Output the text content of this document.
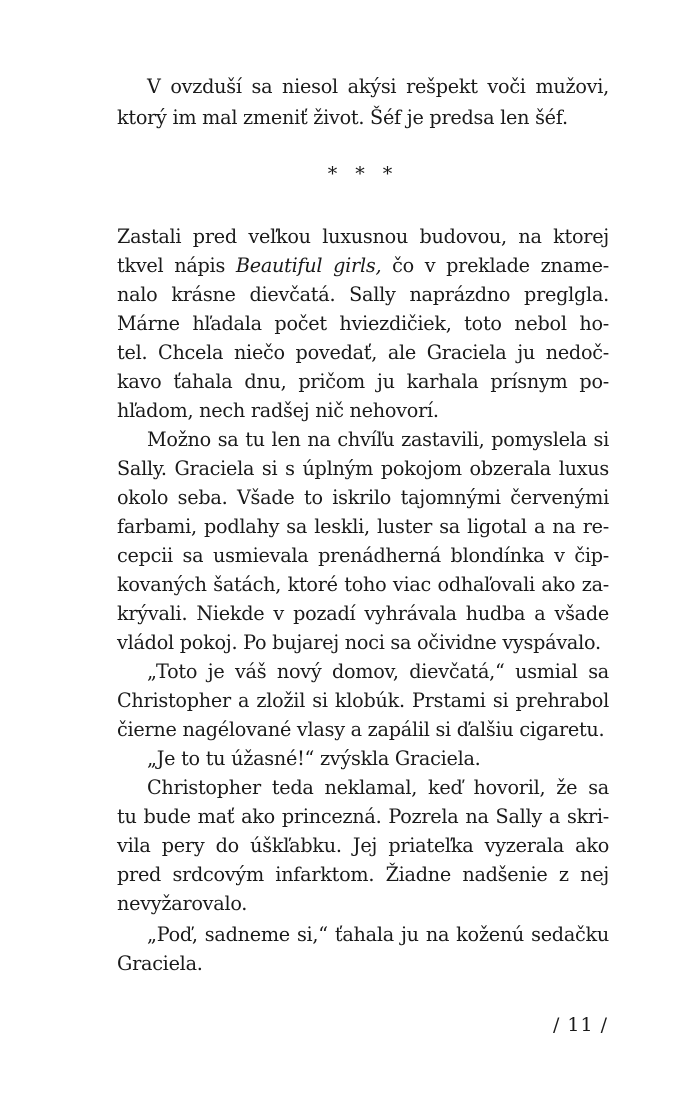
V ovzduší sa niesol akýsi rešpekt voči mužovi,
ktorý im mal zmeniť život. Šéf je predsa len šéf.
* * *
Zastali pred veľkou luxusnou budovou, na ktorej
tkvel nápis Beautiful girls, čo v preklade zname-
nalo krásne dievčatá. Sally naprázdno preglgla.
Márne hľadala počet hviezdičiek, toto nebol ho-
tel. Chcela niečo povedať, ale Graciela ju nedoč-
kavo ťahala dnu, pričom ju karhala prísnym po-
hľadom, nech radšej nič nehovorí.
Možno sa tu len na chvíľu zastavili, pomyslela si
Sally. Graciela si s úplným pokojom obzerala luxus
okolo seba. Všade to iskrilo tajomnými červenými
farbami, podlahy sa leskli, luster sa ligotal a na re-
cepcii sa usmievala prenádherná blondínka v čip-
kovaných šatách, ktoré toho viac odhaľovali ako za-
krývali. Niekde v pozadí vyhrávala hudba a všade
vládol pokoj. Po bujarej noci sa očividne vyspávalo.
„Toto je váš nový domov, dievčatá,“ usmial sa
Christopher a zložil si klobúk. Prstami si prehrabol
čierne nagélované vlasy a zapálil si ďalšiu cigaretu.
„Je to tu úžasné!“ zvýskla Graciela.
Christopher teda neklamal, keď hovoril, že sa
tu bude mať ako princezná. Pozrela na Sally a skri-
vila pery do úškľabku. Jej priateľka vyzerala ako
pred srdcovým infarktom. Žiadne nadšenie z nej
nevyžarovalo.
„Poď, sadneme si,“ ťahala ju na koženú sedačku
Graciela.
/ 11 /
